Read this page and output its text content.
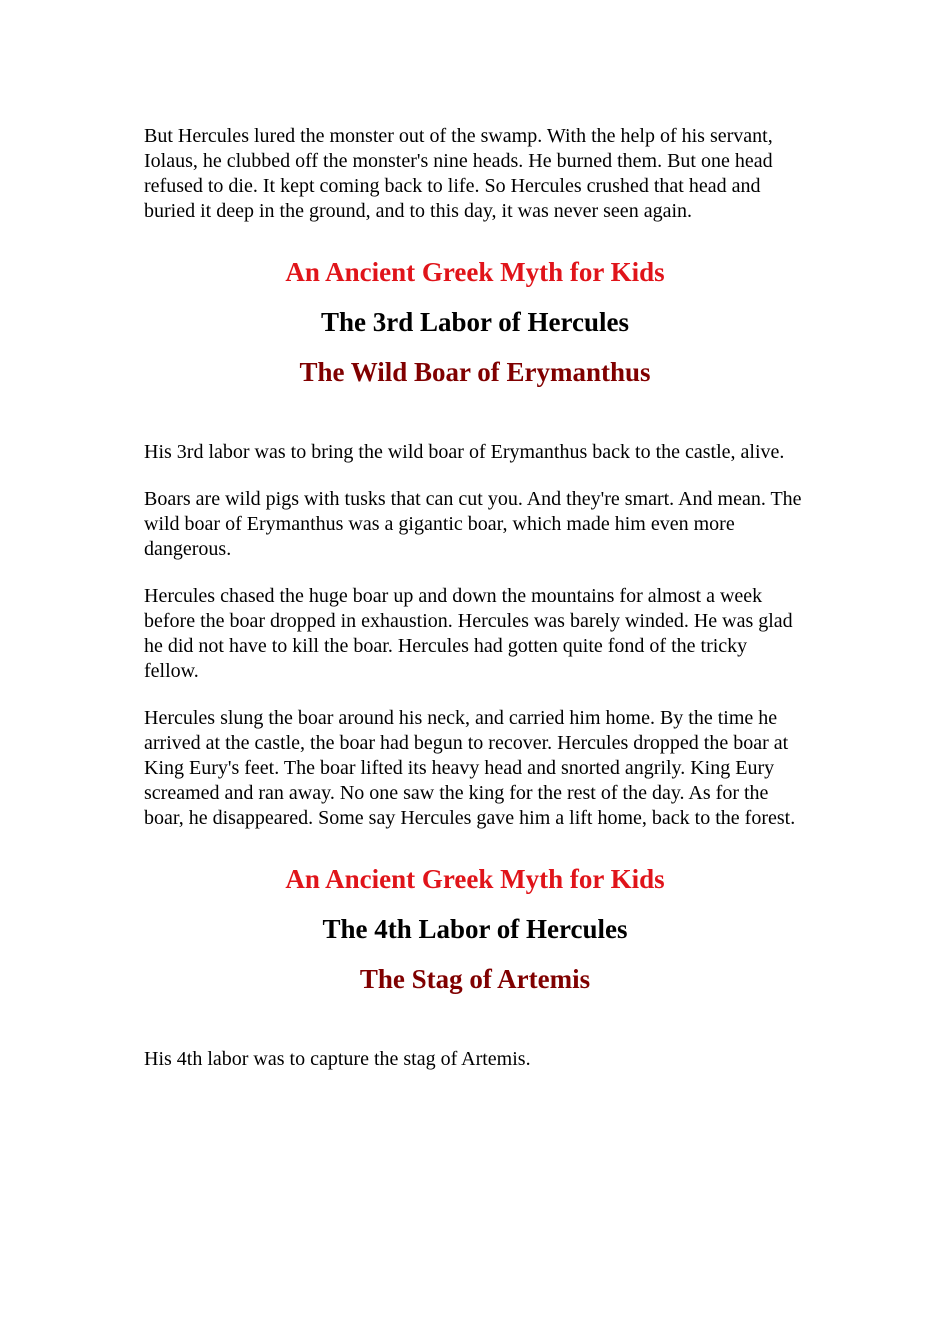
But Hercules lured the monster out of the swamp. With the help of his servant, Iolaus, he clubbed off the monster's nine heads. He burned them. But one head refused to die. It kept coming back to life. So Hercules crushed that head and buried it deep in the ground, and to this day, it was never seen again.

An Ancient Greek Myth for Kids
The 3rd Labor of Hercules
The Wild Boar of Erymanthus

His 3rd labor was to bring the wild boar of Erymanthus back to the castle, alive.

Boars are wild pigs with tusks that can cut you. And they're smart. And mean. The wild boar of Erymanthus was a gigantic boar, which made him even more dangerous.

Hercules chased the huge boar up and down the mountains for almost a week before the boar dropped in exhaustion. Hercules was barely winded. He was glad he did not have to kill the boar. Hercules had gotten quite fond of the tricky fellow.

Hercules slung the boar around his neck, and carried him home. By the time he arrived at the castle, the boar had begun to recover. Hercules dropped the boar at King Eury's feet. The boar lifted its heavy head and snorted angrily. King Eury screamed and ran away. No one saw the king for the rest of the day. As for the boar, he disappeared. Some say Hercules gave him a lift home, back to the forest.

An Ancient Greek Myth for Kids
The 4th Labor of Hercules
The Stag of Artemis

His 4th labor was to capture the stag of Artemis.
